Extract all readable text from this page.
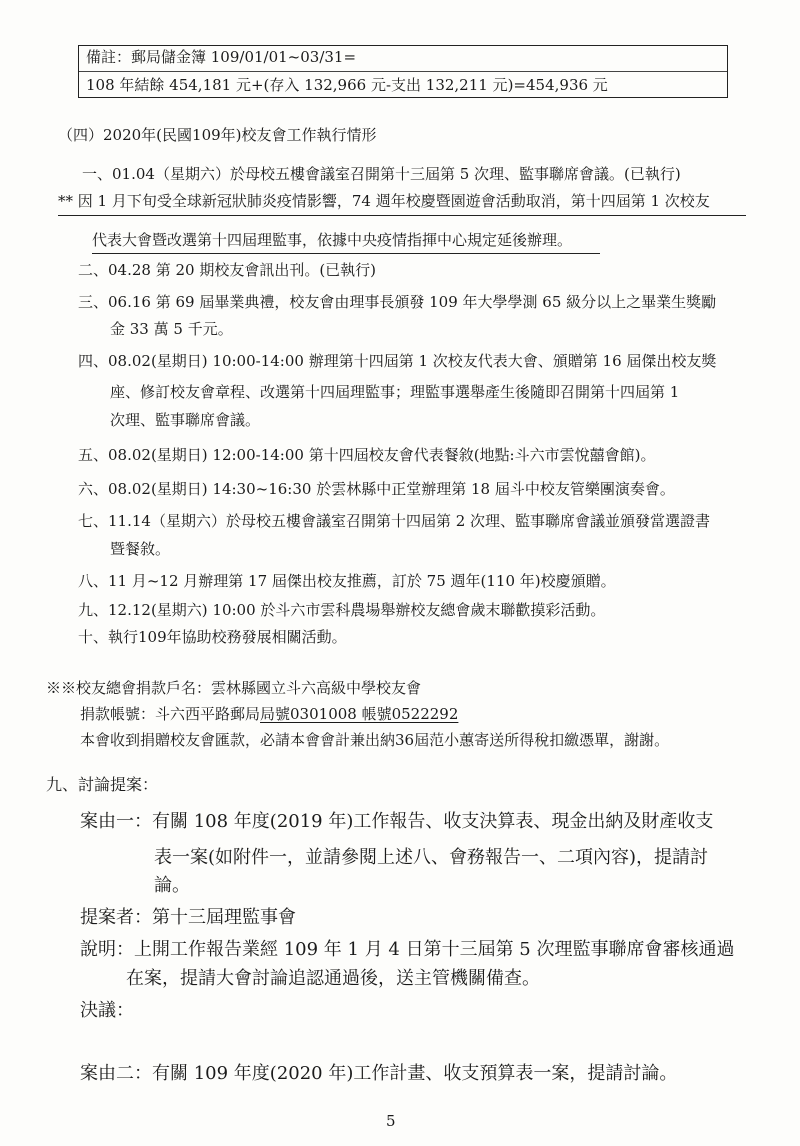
備註：郵局儲金簿 109/01/01~03/31=
108 年結餘 454,181 元+(存入 132,966 元-支出 132,211 元)=454,936 元
（四）2020年(民國109年)校友會工作執行情形
一、01.04（星期六）於母校五樓會議室召開第十三屆第 5 次理、監事聯席會議。(已執行)
** 因 1 月下旬受全球新冠狀肺炎疫情影響，74 週年校慶暨園遊會活動取消，第十四屆第 1 次校友
代表大會暨改選第十四屆理監事，依據中央疫情指揮中心規定延後辦理。
二、04.28 第 20 期校友會訊出刊。(已執行)
三、06.16 第 69 屆畢業典禮，校友會由理事長頒發 109 年大學學測 65 級分以上之畢業生獎勵
金 33 萬 5 千元。
四、08.02(星期日) 10:00-14:00 辦理第十四屆第 1 次校友代表大會、頒贈第 16 屆傑出校友獎
座、修訂校友會章程、改選第十四屆理監事；理監事選舉產生後隨即召開第十四屆第 1
次理、監事聯席會議。
五、08.02(星期日) 12:00-14:00 第十四屆校友會代表餐敘(地點:斗六市雲悅囍會館)。
六、08.02(星期日) 14:30~16:30 於雲林縣中正堂辦理第 18 屆斗中校友管樂團演奏會。
七、11.14（星期六）於母校五樓會議室召開第十四屆第 2 次理、監事聯席會議並頒發當選證書
暨餐敘。
八、11 月~12 月辦理第 17 屆傑出校友推薦，訂於 75 週年(110 年)校慶頒贈。
九、12.12(星期六) 10:00 於斗六市雲科農場舉辦校友總會歲末聯歡摸彩活動。
十、執行109年協助校務發展相關活動。
※※校友總會捐款戶名：雲林縣國立斗六高級中學校友會
捐款帳號：斗六西平路郵局局號0301008 帳號0522292
本會收到捐贈校友會匯款，必請本會會計兼出納36屆范小蕙寄送所得稅扣繳憑單，謝謝。
九、討論提案：
案由一：有關 108 年度(2019 年)工作報告、收支決算表、現金出納及財產收支
表一案(如附件一，並請參閱上述八、會務報告一、二項內容)，提請討
論。
提案者：第十三屆理監事會
說明：上開工作報告業經 109 年 1 月 4 日第十三屆第 5 次理監事聯席會審核通過
在案，提請大會討論追認通過後，送主管機關備查。
決議：
案由二：有關 109 年度(2020 年)工作計畫、收支預算表一案，提請討論。
5
